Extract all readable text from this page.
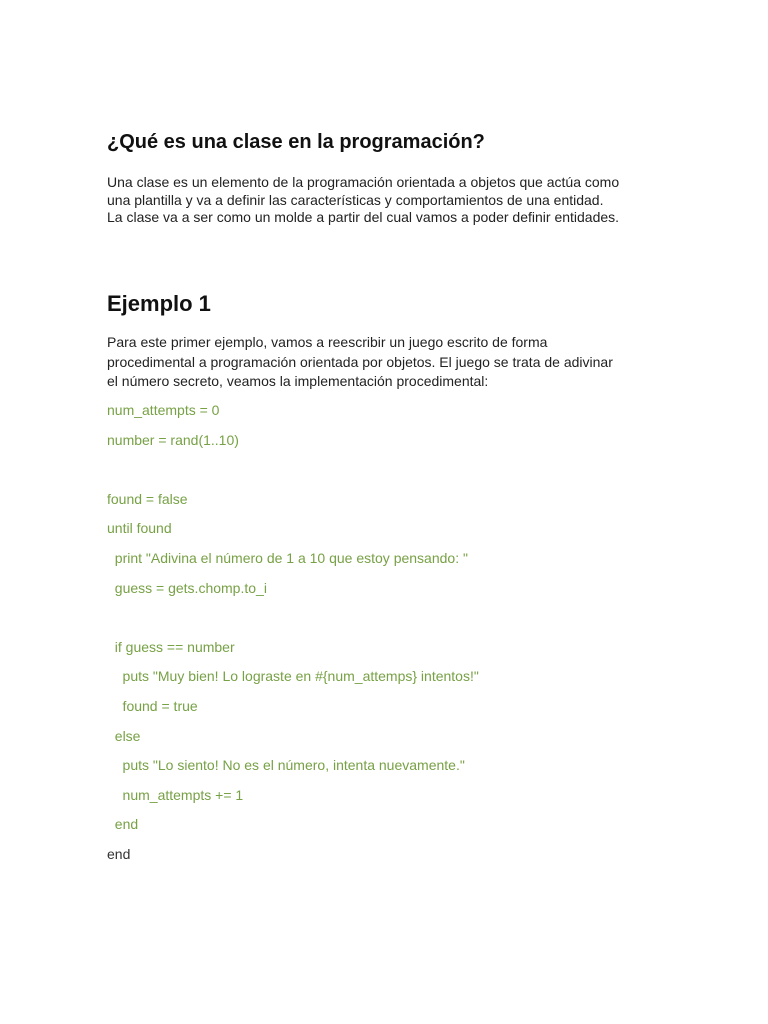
¿Qué es una clase en la programación?
Una clase es un elemento de la programación orientada a objetos que actúa como
una plantilla y va a definir las características y comportamientos de una entidad.
La clase va a ser como un molde a partir del cual vamos a poder definir entidades.
Ejemplo 1
Para este primer ejemplo, vamos a reescribir un juego escrito de forma
procedimental a programación orientada por objetos. El juego se trata de adivinar
el número secreto, veamos la implementación procedimental:
num_attempts = 0
number = rand(1..10)
found = false
until found
print "Adivina el número de 1 a 10 que estoy pensando: "
guess = gets.chomp.to_i
if guess == number
puts "Muy bien! Lo lograste en #{num_attemps} intentos!"
found = true
else
puts "Lo siento! No es el número, intenta nuevamente."
num_attempts += 1
end
end
